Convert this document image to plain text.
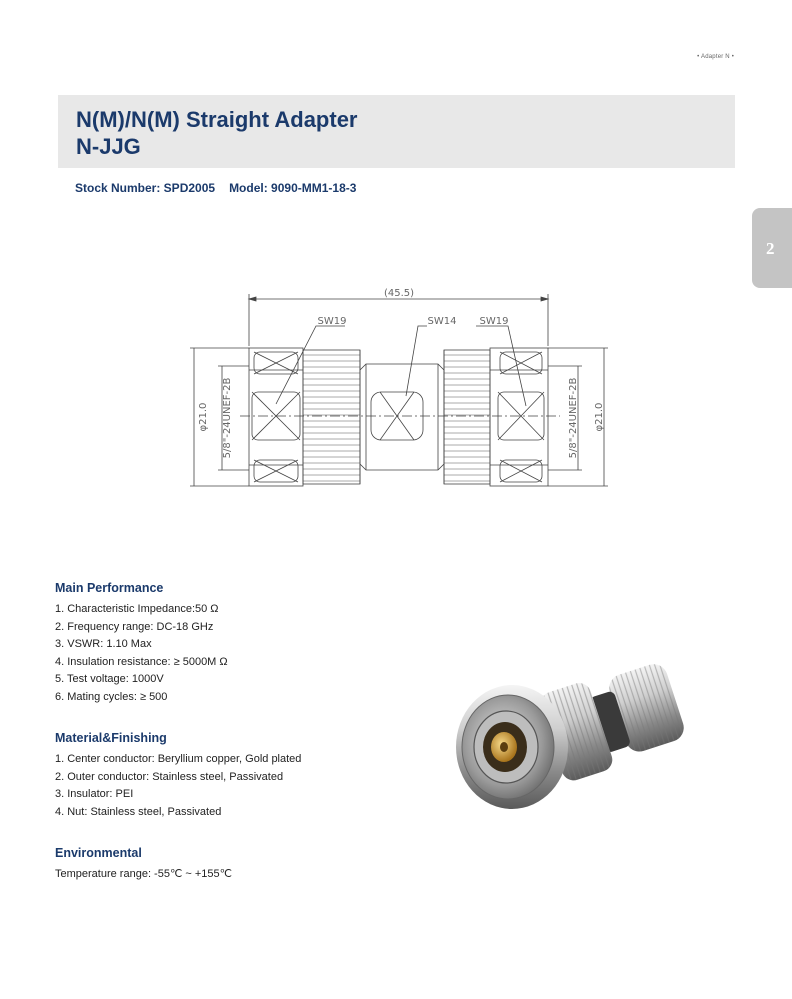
• Adapter N •
N(M)/N(M) Straight Adapter
N-JJG
Stock Number: SPD2005 Model: 9090-MM1-18-3
2
(45.5)
SW19	SW14 SW19
φ21.0 5/8"-24UNEF-2B	5/8"-24UNEF-2B φ21.0
Main Performance
1. Characteristic Impedance:50 Ω
2. Frequency range: DC-18 GHz
3. VSWR: 1.10 Max
4. Insulation resistance: ≥ 5000M Ω
5. Test voltage: 1000V
6. Mating cycles: ≥ 500
Material&Finishing
1. Center conductor: Beryllium copper, Gold plated
2. Outer conductor: Stainless steel, Passivated
3. Insulator: PEI
4. Nut: Stainless steel, Passivated
Environmental
Temperature range: -55℃ ~ +155℃
